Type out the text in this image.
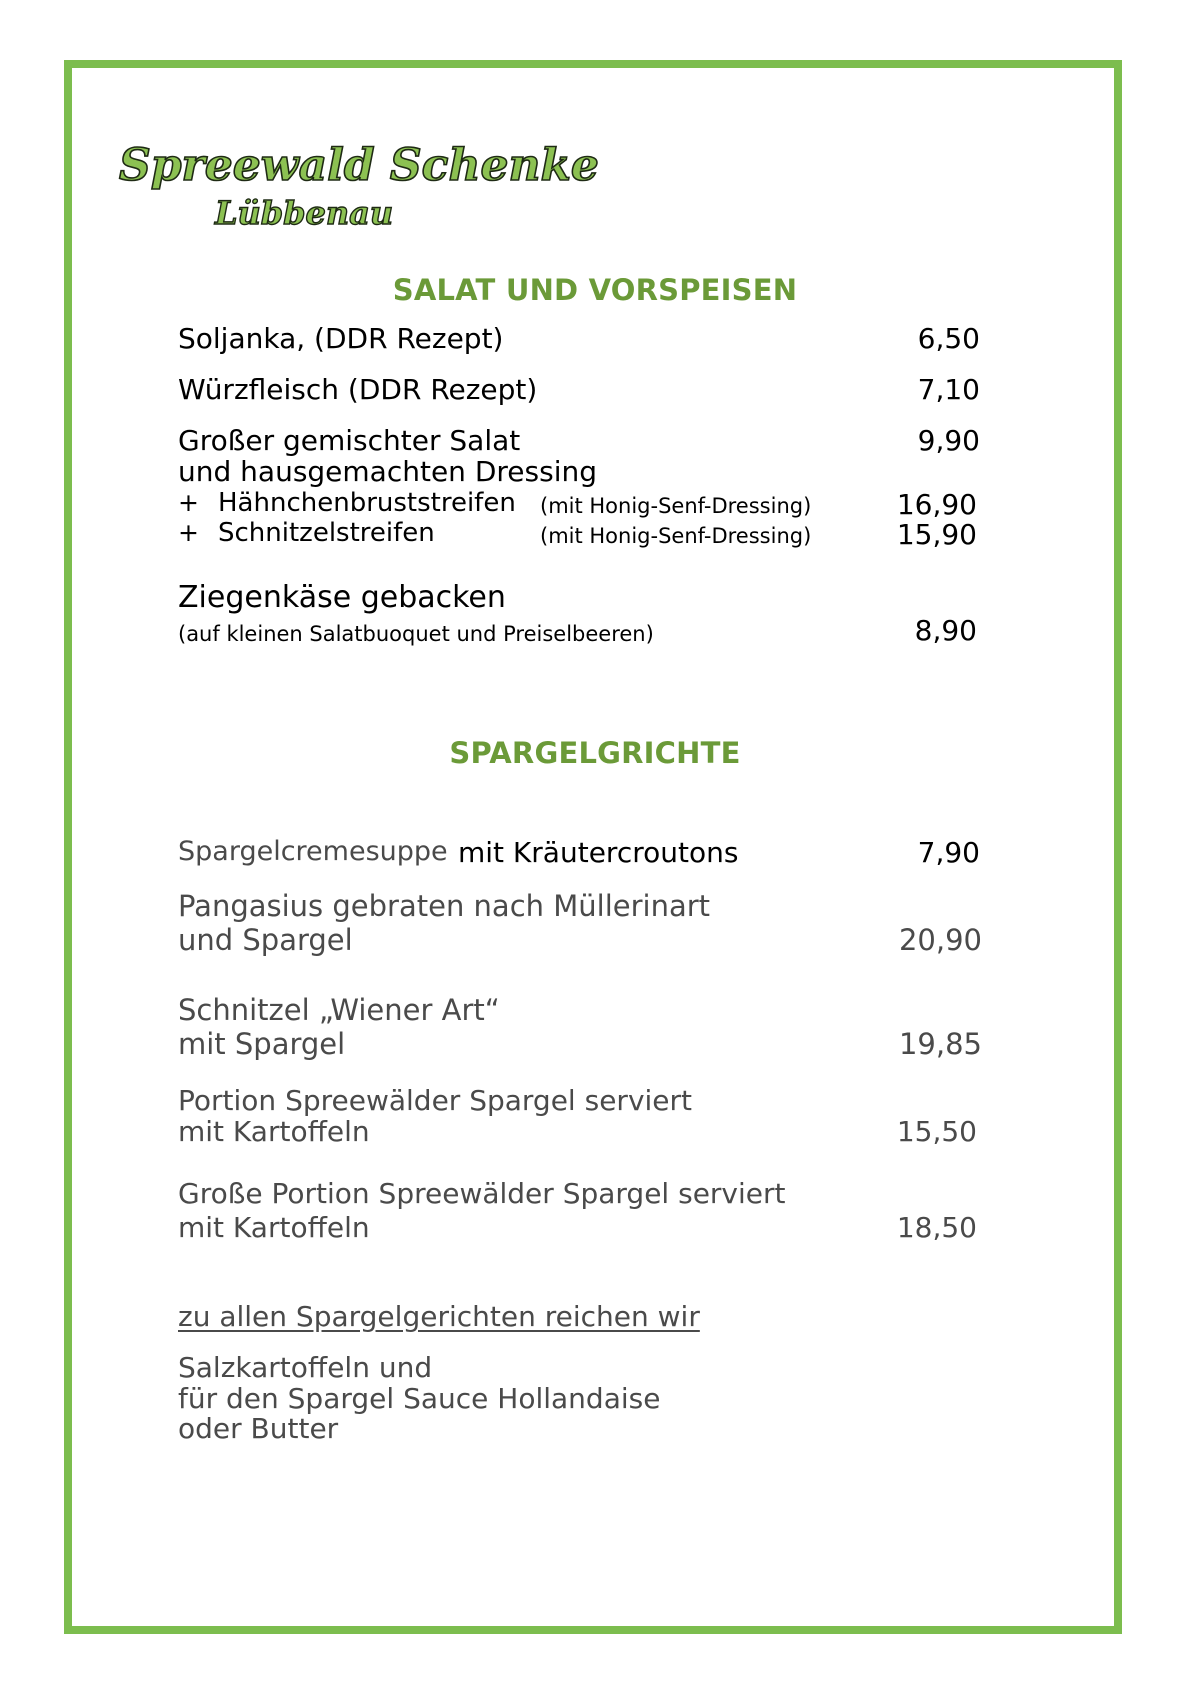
Spreewald Schenke
Lübbenau
SALAT UND VORSPEISEN
Soljanka, (DDR Rezept)	6,50
Würzfleisch (DDR Rezept)	7,10
Großer gemischter Salat	9,90
und hausgemachten Dressing
+ Hähnchenbruststreifen (mit Honig-Senf-Dressing)	16,90
+ Schnitzelstreifen	(mit Honig-Senf-Dressing)	15,90
Ziegenkäse gebacken
(auf kleinen Salatbuoquet und Preiselbeeren)	8,90
SPARGELGRICHTE
Spargelcremesuppe mit Kräutercroutons	7,90
Pangasius gebraten nach Müllerinart
und Spargel	20,90
Schnitzel „Wiener Art“
mit Spargel	19,85
Portion Spreewälder Spargel serviert
mit Kartoffeln	15,50
Große Portion Spreewälder Spargel serviert
mit Kartoffeln	18,50
zu allen Spargelgerichten reichen wir
Salzkartoffeln und
für den Spargel Sauce Hollandaise
oder Butter
